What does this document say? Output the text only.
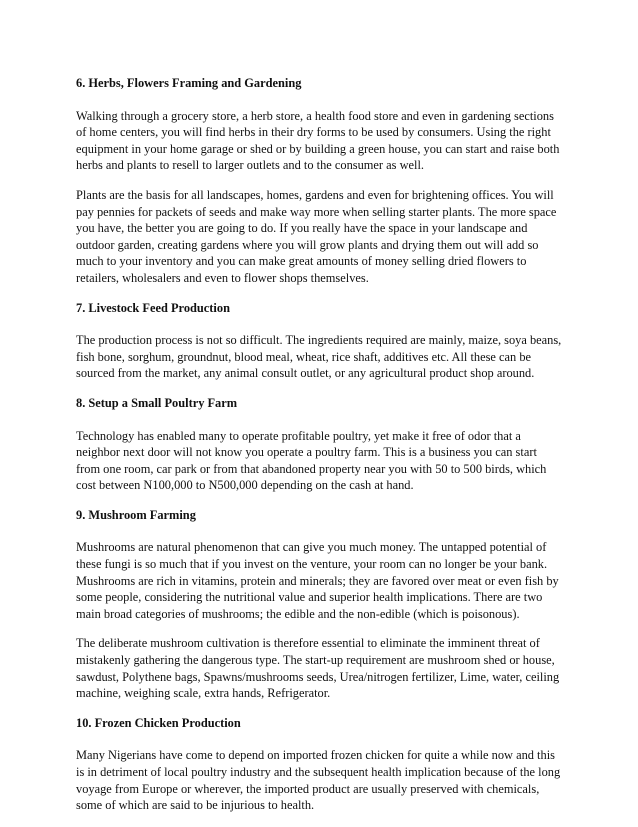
6. Herbs, Flowers Framing and Gardening
Walking through a grocery store, a herb store, a health food store and even in gardening sections of home centers, you will find herbs in their dry forms to be used by consumers. Using the right equipment in your home garage or shed or by building a green house, you can start and raise both herbs and plants to resell to larger outlets and to the consumer as well.
Plants are the basis for all landscapes, homes, gardens and even for brightening offices. You will pay pennies for packets of seeds and make way more when selling starter plants. The more space you have, the better you are going to do. If you really have the space in your landscape and outdoor garden, creating gardens where you will grow plants and drying them out will add so much to your inventory and you can make great amounts of money selling dried flowers to retailers, wholesalers and even to flower shops themselves.
7. Livestock Feed Production
The production process is not so difficult. The ingredients required are mainly, maize, soya beans, fish bone, sorghum, groundnut, blood meal, wheat, rice shaft, additives etc. All these can be sourced from the market, any animal consult outlet, or any agricultural product shop around.
8. Setup a Small Poultry Farm
Technology has enabled many to operate profitable poultry, yet make it free of odor that a neighbor next door will not know you operate a poultry farm. This is a business you can start from one room, car park or from that abandoned property near you with 50 to 500 birds, which cost between N100,000 to N500,000 depending on the cash at hand.
9. Mushroom Farming
Mushrooms are natural phenomenon that can give you much money. The untapped potential of these fungi is so much that if you invest on the venture, your room can no longer be your bank. Mushrooms are rich in vitamins, protein and minerals; they are favored over meat or even fish by some people, considering the nutritional value and superior health implications. There are two main broad categories of mushrooms; the edible and the non-edible (which is poisonous).
The deliberate mushroom cultivation is therefore essential to eliminate the imminent threat of mistakenly gathering the dangerous type. The start-up requirement are mushroom shed or house, sawdust, Polythene bags, Spawns/mushrooms seeds, Urea/nitrogen fertilizer, Lime, water, ceiling machine, weighing scale, extra hands, Refrigerator.
10. Frozen Chicken Production
Many Nigerians have come to depend on imported frozen chicken for quite a while now and this is in detriment of local poultry industry and the subsequent health implication because of the long voyage from Europe or wherever, the imported product are usually preserved with chemicals, some of which are said to be injurious to health.
